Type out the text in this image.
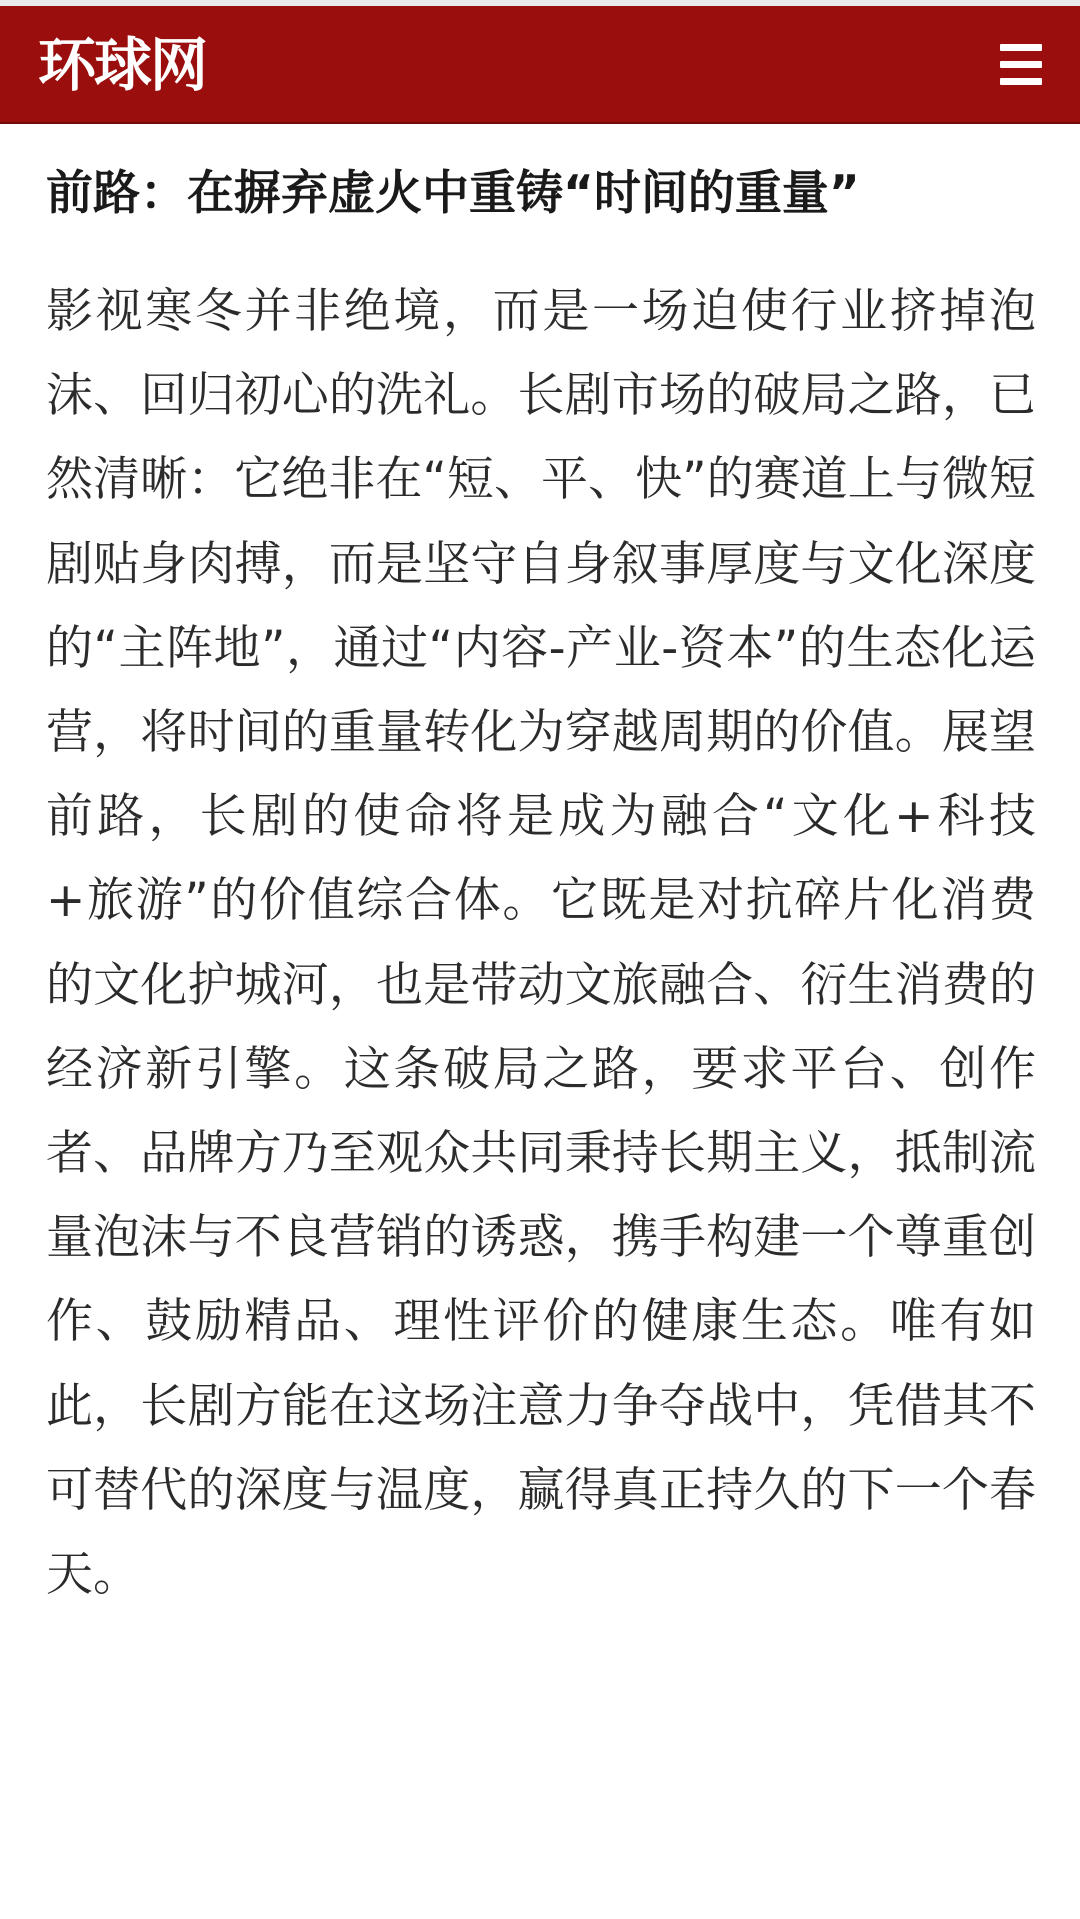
环球网
前路：在摒弃虚火中重铸“时间的重量”

影视寒冬并非绝境，而是一场迫使行业挤掉泡沫、回归初心的洗礼。长剧市场的破局之路，已然清晰：它绝非在“短、平、快”的赛道上与微短剧贴身肉搏，而是坚守自身叙事厚度与文化深度的“主阵地”，通过“内容-产业-资本”的生态化运营，将时间的重量转化为穿越周期的价值。展望前路，长剧的使命将是成为融合“文化+科技+旅游”的价值综合体。它既是对抗碎片化消费的文化护城河，也是带动文旅融合、衍生消费的经济新引擎。这条破局之路，要求平台、创作者、品牌方乃至观众共同秉持长期主义，抵制流量泡沫与不良营销的诱惑，携手构建一个尊重创作、鼓励精品、理性评价的健康生态。唯有如此，长剧方能在这场注意力争夺战中，凭借其不可替代的深度与温度，赢得真正持久的下一个春天。
